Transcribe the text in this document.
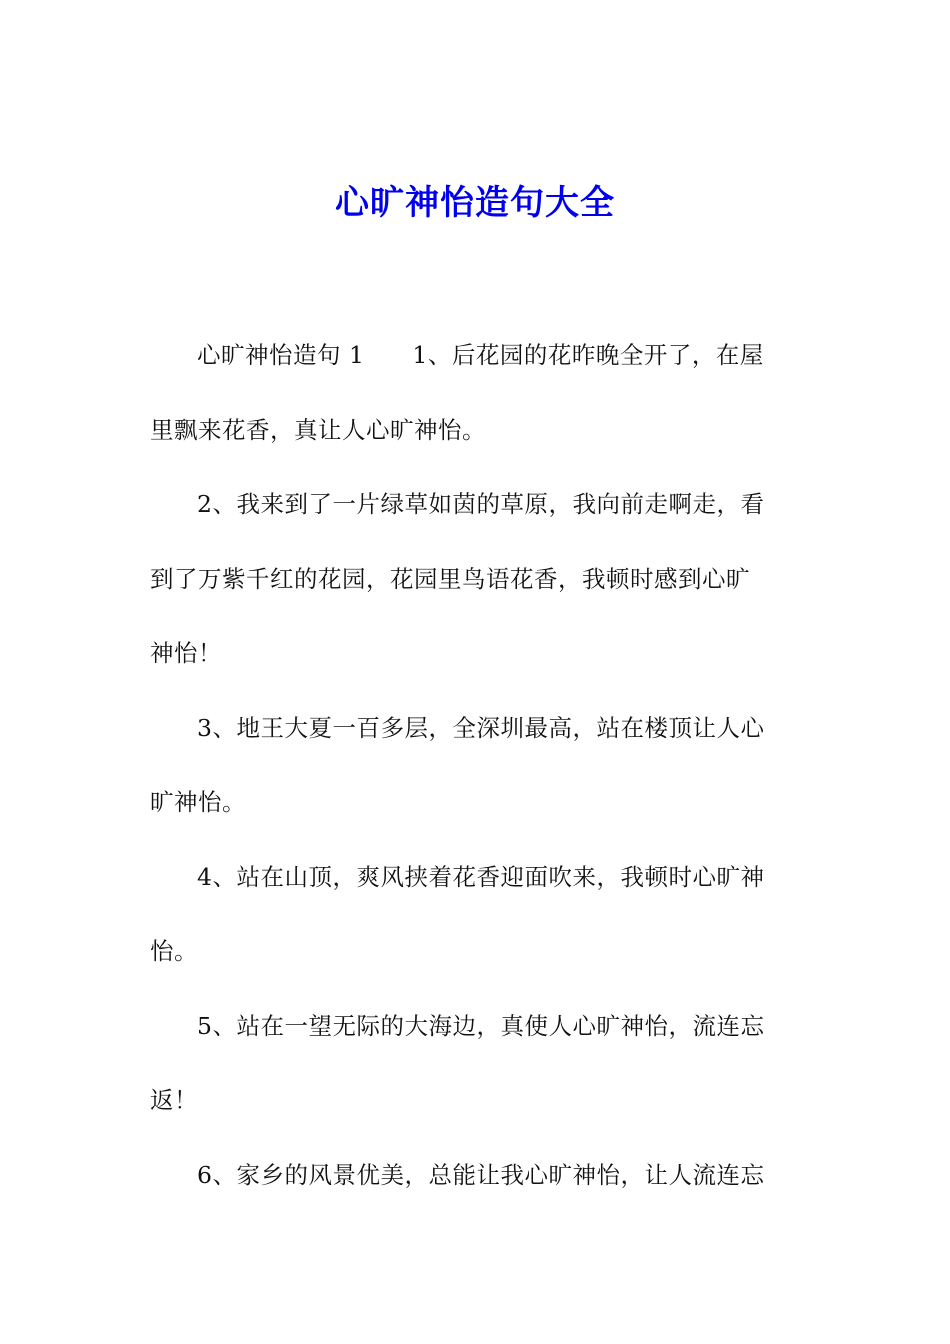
心旷神怡造句大全

心旷神怡造句 1　　1、后花园的花昨晚全开了，在屋
里飘来花香，真让人心旷神怡。

2、我来到了一片绿草如茵的草原，我向前走啊走，看
到了万紫千红的花园，花园里鸟语花香，我顿时感到心旷
神怡！

3、地王大夏一百多层，全深圳最高，站在楼顶让人心
旷神怡。

4、站在山顶，爽风挟着花香迎面吹来，我顿时心旷神
怡。

5、站在一望无际的大海边，真使人心旷神怡，流连忘
返！

6、家乡的风景优美，总能让我心旷神怡，让人流连忘
